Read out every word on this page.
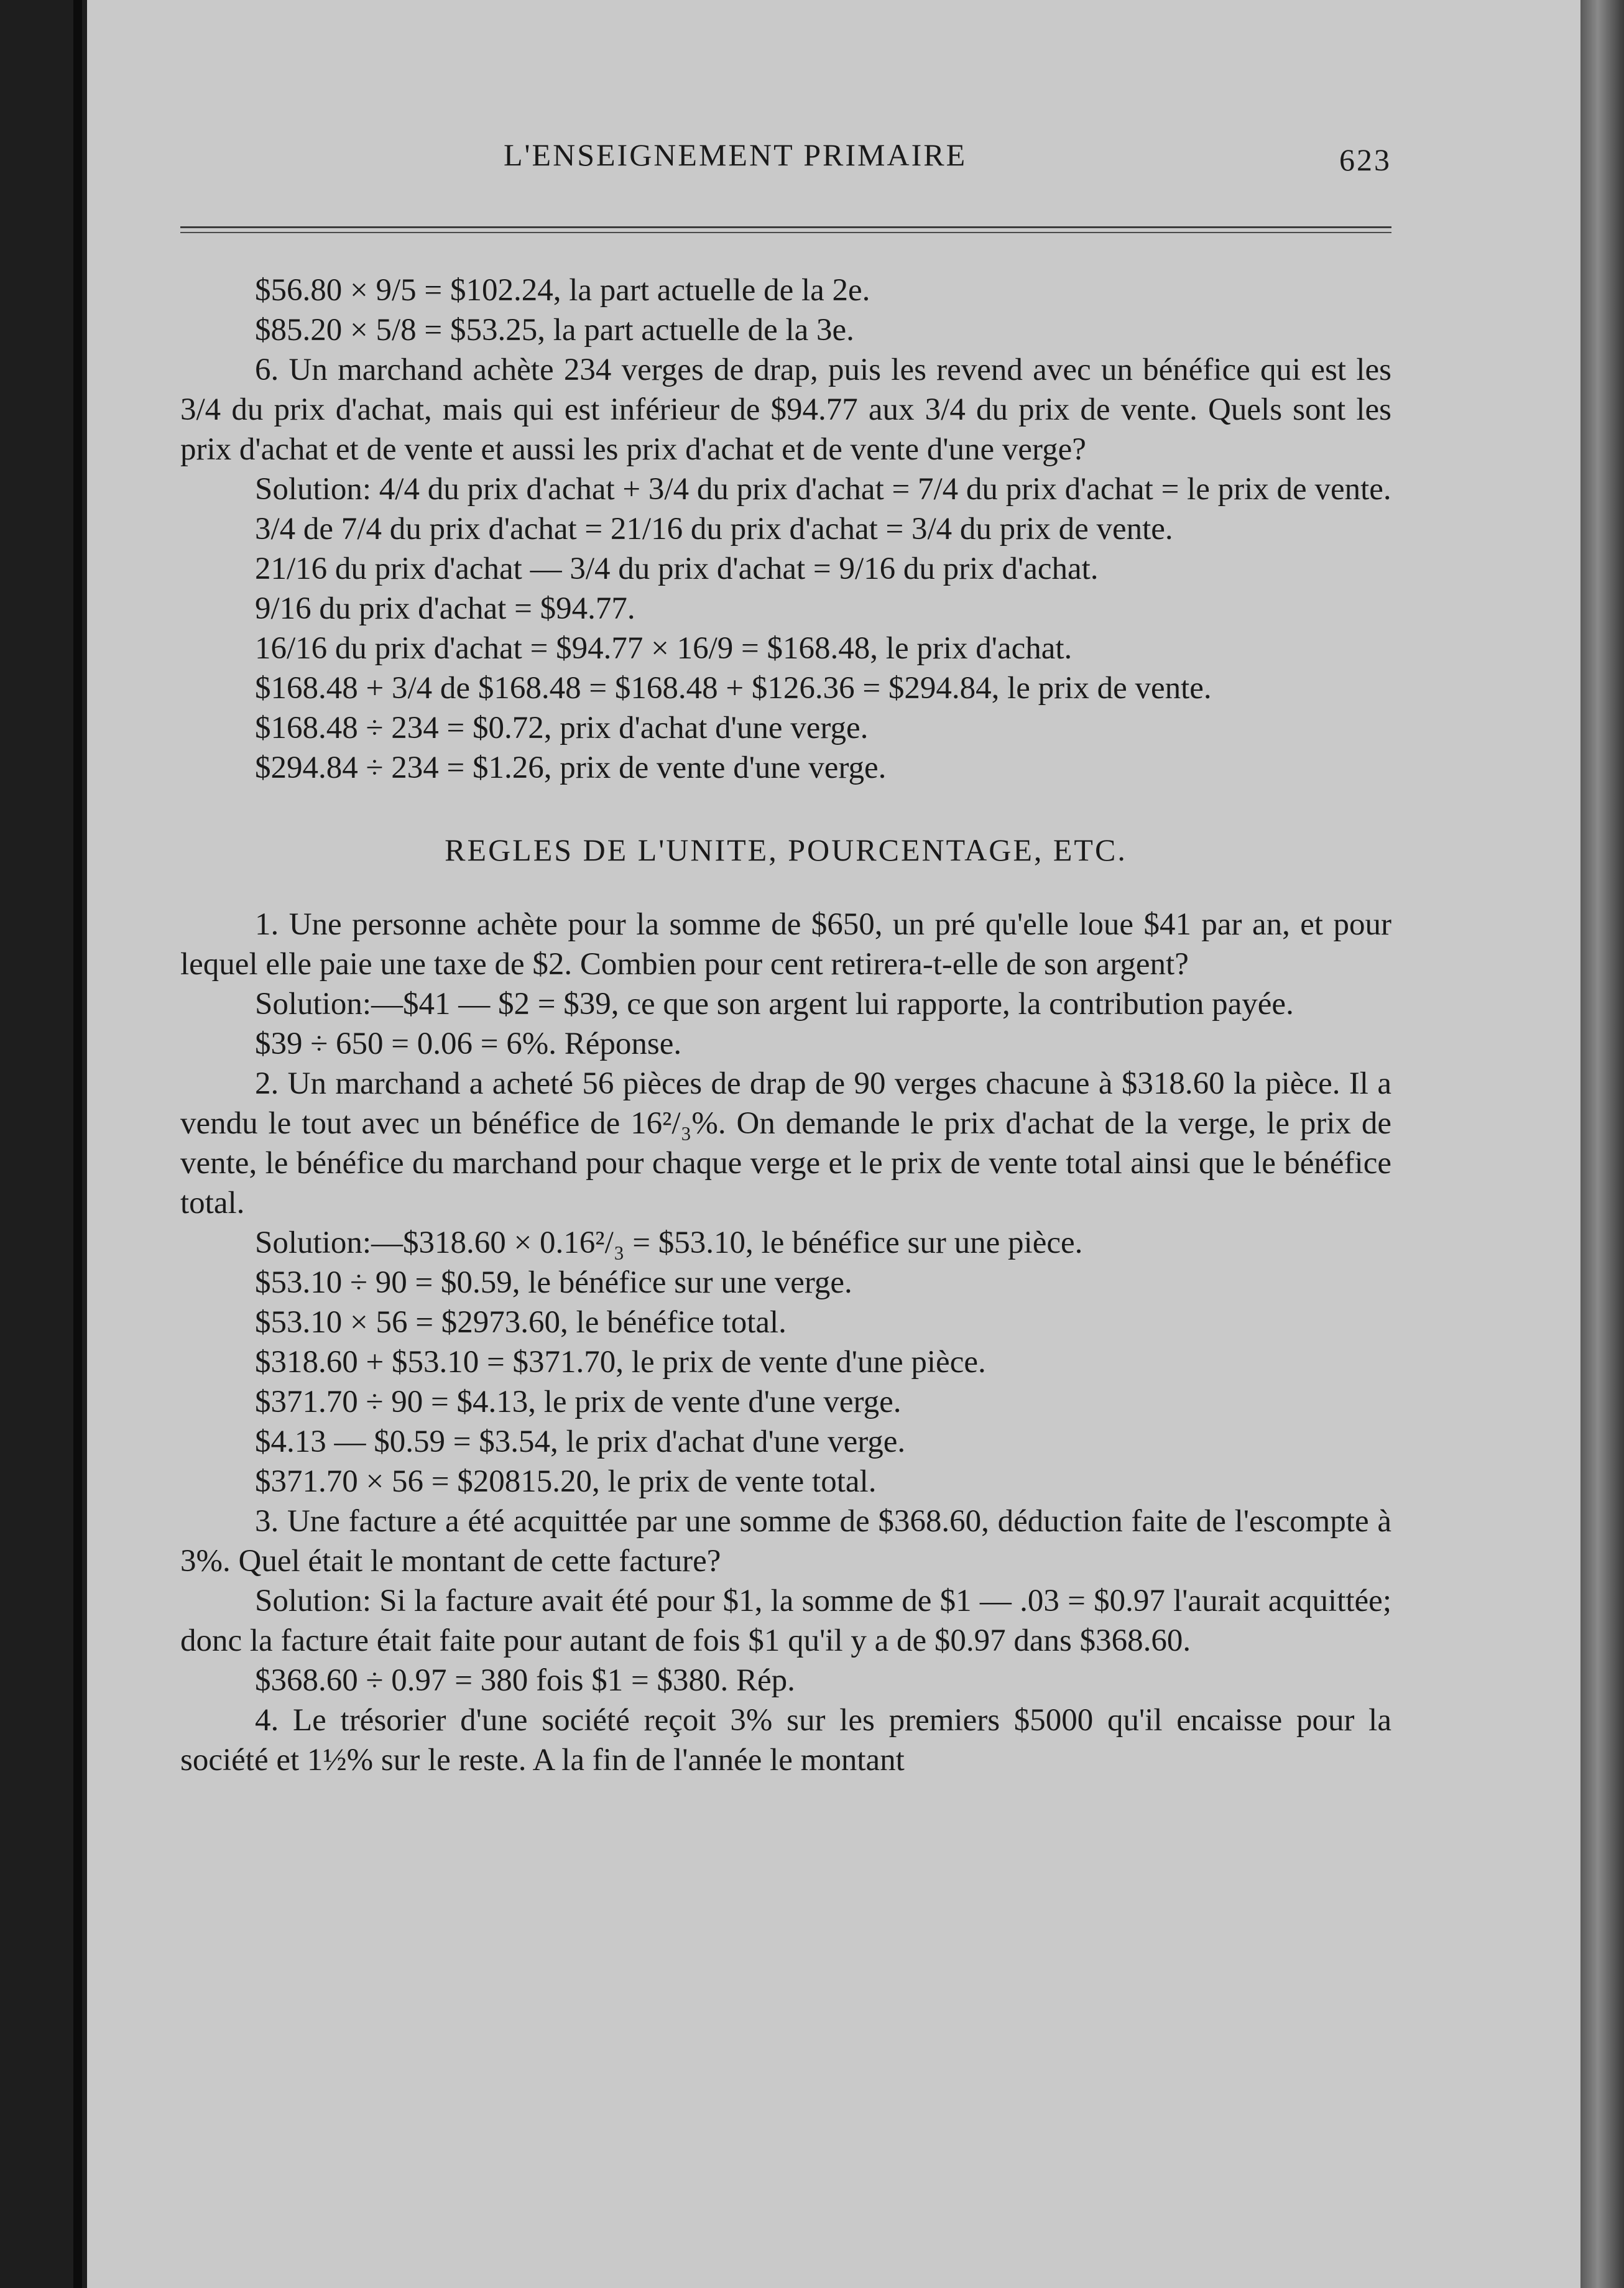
L'ENSEIGNEMENT PRIMAIRE	623

$56.80 × 9/5 = $102.24, la part actuelle de la 2e.

$85.20 × 5/8 = $53.25, la part actuelle de la 3e.

6. Un marchand achète 234 verges de drap, puis les revend avec un bénéfice qui est les 3/4 du prix d'achat, mais qui est inférieur de $94.77 aux 3/4 du prix de vente. Quels sont les prix d'achat et de vente et aussi les prix d'achat et de vente d'une verge?

Solution: 4/4 du prix d'achat + 3/4 du prix d'achat = 7/4 du prix d'achat = le prix de vente.

3/4 de 7/4 du prix d'achat = 21/16 du prix d'achat = 3/4 du prix de vente.

21/16 du prix d'achat — 3/4 du prix d'achat = 9/16 du prix d'achat.

9/16 du prix d'achat = $94.77.

16/16 du prix d'achat = $94.77 × 16/9 = $168.48, le prix d'achat.

$168.48 + 3/4 de $168.48 = $168.48 + $126.36 = $294.84, le prix de vente.

$168.48 ÷ 234 = $0.72, prix d'achat d'une verge.

$294.84 ÷ 234 = $1.26, prix de vente d'une verge.

REGLES DE L'UNITE, POURCENTAGE, ETC.

1. Une personne achète pour la somme de $650, un pré qu'elle loue $41 par an, et pour lequel elle paie une taxe de $2. Combien pour cent retirera-t-elle de son argent?

Solution:—$41 — $2 = $39, ce que son argent lui rapporte, la contribution payée.

$39 ÷ 650 = 0.06 = 6%. Réponse.

2. Un marchand a acheté 56 pièces de drap de 90 verges chacune à $318.60 la pièce. Il a vendu le tout avec un bénéfice de 16²/₃%. On demande le prix d'achat de la verge, le prix de vente, le bénéfice du marchand pour chaque verge et le prix de vente total ainsi que le bénéfice total.

Solution:—$318.60 × 0.16²/₃ = $53.10, le bénéfice sur une pièce.

$53.10 ÷ 90 = $0.59, le bénéfice sur une verge.

$53.10 × 56 = $2973.60, le bénéfice total.

$318.60 + $53.10 = $371.70, le prix de vente d'une pièce.

$371.70 ÷ 90 = $4.13, le prix de vente d'une verge.

$4.13 — $0.59 = $3.54, le prix d'achat d'une verge.

$371.70 × 56 = $20815.20, le prix de vente total.

3. Une facture a été acquittée par une somme de $368.60, déduction faite de l'escompte à 3%. Quel était le montant de cette facture?

Solution: Si la facture avait été pour $1, la somme de $1 — .03 = $0.97 l'aurait acquittée; donc la facture était faite pour autant de fois $1 qu'il y a de $0.97 dans $368.60.

$368.60 ÷ 0.97 = 380 fois $1 = $380. Rép.

4. Le trésorier d'une société reçoit 3% sur les premiers $5000 qu'il encaisse pour la société et 1½% sur le reste. A la fin de l'année le montant
